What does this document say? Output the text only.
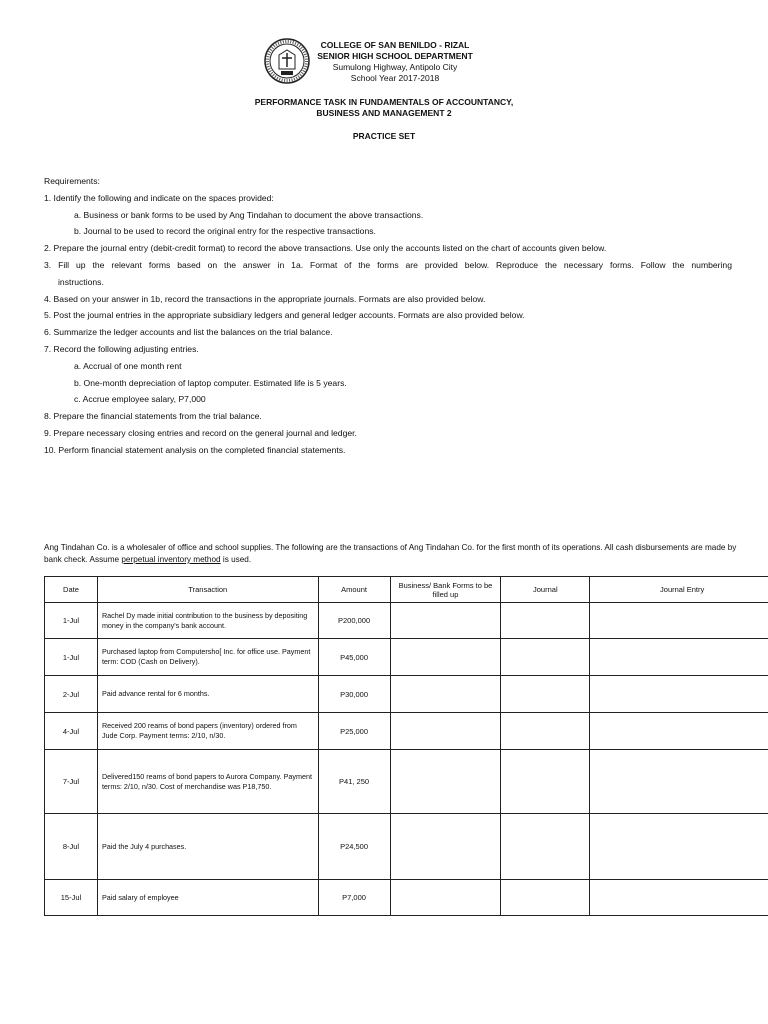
COLLEGE OF SAN BENILDO - RIZAL
SENIOR HIGH SCHOOL DEPARTMENT
Sumulong Highway, Antipolo City
School Year 2017-2018
PERFORMANCE TASK IN FUNDAMENTALS OF ACCOUNTANCY,
BUSINESS AND MANAGEMENT 2
PRACTICE SET
Requirements:
1. Identify the following and indicate on the spaces provided:
a. Business or bank forms to be used by Ang Tindahan to document the above transactions.
b. Journal to be used to record the original entry for the respective transactions.
2. Prepare the journal entry (debit-credit format) to record the above transactions. Use only the accounts listed on the chart of accounts given below.
3. Fill up the relevant forms based on the answer in 1a. Format of the forms are provided below. Reproduce the necessary forms. Follow the numbering
instructions.
4. Based on your answer in 1b, record the transactions in the appropriate journals. Formats are also provided below.
5. Post the journal entries in the appropriate subsidiary ledgers and general ledger accounts. Formats are also provided below.
6. Summarize the ledger accounts and list the balances on the trial balance.
7. Record the following adjusting entries.
a. Accrual of one month rent
b. One-month depreciation of laptop computer. Estimated life is 5 years.
c. Accrue employee salary, P7,000
8. Prepare the financial statements from the trial balance.
9. Prepare necessary closing entries and record on the general journal and ledger.
10. Perform financial statement analysis on the completed financial statements.
Ang Tindahan Co. is a wholesaler of office and school supplies. The following are the transactions of Ang Tindahan Co. for the first month of its operations. All cash disbursements are made by bank check. Assume perpetual inventory method is used.
Date	Transaction	Amount	Business/ Bank Forms to be filled up	Journal	Journal Entry
1-Jul	Rachel Dy made initial contribution to the business by depositing money in the company's bank account.	P200,000			
1-Jul	Purchased laptop from Computersho[ Inc. for office use. Payment term: COD (Cash on Delivery).	P45,000			
2-Jul	Paid advance rental for 6 months.	P30,000			
4-Jul	Received 200 reams of bond papers (inventory) ordered from Jude Corp. Payment terms: 2/10, n/30.	P25,000			
7-Jul	Delivered150 reams of bond papers to Aurora Company. Payment terms: 2/10, n/30. Cost of merchandise was P18,750.	P41, 250			
8-Jul	Paid the July 4 purchases.	P24,500			
15-Jul	Paid salary of employee	P7,000			
